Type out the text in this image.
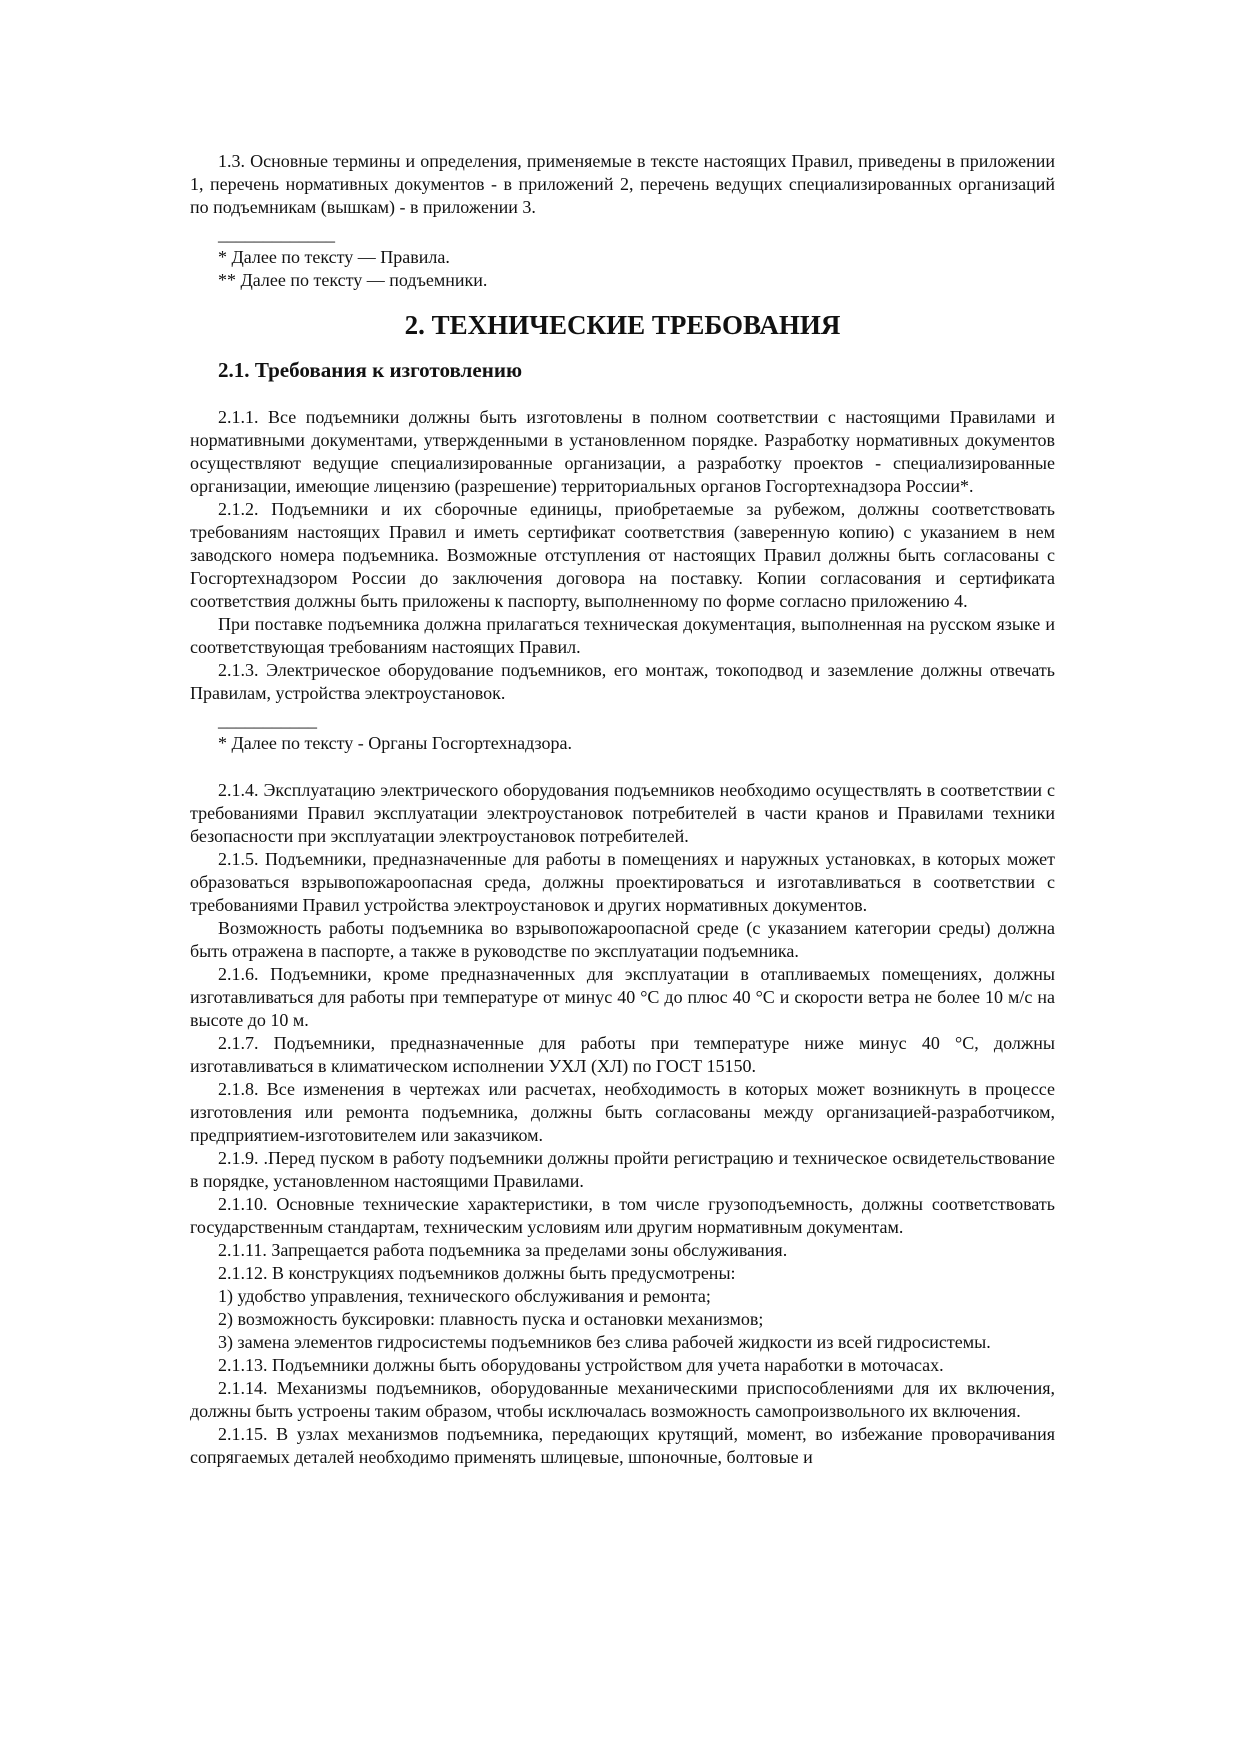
1.3. Основные термины и определения, применяемые в тексте настоящих Правил, приведены в приложении 1, перечень нормативных документов - в приложений 2, перечень ведущих специализированных организаций по подъемникам (вышкам) - в приложении 3.

_____________

* Далее по тексту — Правила.

** Далее по тексту — подъемники.

2. ТЕХНИЧЕСКИЕ ТРЕБОВАНИЯ
2.1. Требования к изготовлению

2.1.1. Все подъемники должны быть изготовлены в полном соответствии с настоящими Правилами и нормативными документами, утвержденными в установленном порядке. Разработку нормативных документов осуществляют ведущие специализированные организации, а разработку проектов - специализированные организации, имеющие лицензию (разрешение) территориальных органов Госгортехнадзора России*.

2.1.2. Подъемники и их сборочные единицы, приобретаемые за рубежом, должны соответствовать требованиям настоящих Правил и иметь сертификат соответствия (заверенную копию) с указанием в нем заводского номера подъемника. Возможные отступления от настоящих Правил должны быть согласованы с Госгортехнадзором России до заключения договора на поставку. Копии согласования и сертификата соответствия должны быть приложены к паспорту, выполненному по форме согласно приложению 4.

При поставке подъемника должна прилагаться техническая документация, выполненная на русском языке и соответствующая требованиям настоящих Правил.

2.1.3. Электрическое оборудование подъемников, его монтаж, токоподвод и заземление должны отвечать Правилам, устройства электроустановок.

___________

* Далее по тексту - Органы Госгортехнадзора.

2.1.4. Эксплуатацию электрического оборудования подъемников необходимо осуществлять в соответствии с требованиями Правил эксплуатации электроустановок потребителей в части кранов и Правилами техники безопасности при эксплуатации электроустановок потребителей.

2.1.5. Подъемники, предназначенные для работы в помещениях и наружных установках, в которых может образоваться взрывопожароопасная среда, должны проектироваться и изготавливаться в соответствии с требованиями Правил устройства электроустановок и других нормативных документов.

Возможность работы подъемника во взрывопожароопасной среде (с указанием категории среды) должна быть отражена в паспорте, а также в руководстве по эксплуатации подъемника.

2.1.6. Подъемники, кроме предназначенных для эксплуатации в отапливаемых помещениях, должны изготавливаться для работы при температуре от минус 40 °С до плюс 40 °С и скорости ветра не более 10 м/с на высоте до 10 м.

2.1.7. Подъемники, предназначенные для работы при температуре ниже минус 40 °С, должны изготавливаться в климатическом исполнении УХЛ (ХЛ) по ГОСТ 15150.

2.1.8. Все изменения в чертежах или расчетах, необходимость в которых может возникнуть в процессе изготовления или ремонта подъемника, должны быть согласованы между организацией-разработчиком, предприятием-изготовителем или заказчиком.

2.1.9. .Перед пуском в работу подъемники должны пройти регистрацию и техническое освидетельствование в порядке, установленном настоящими Правилами.

2.1.10. Основные технические характеристики, в том числе грузоподъемность, должны соответствовать государственным стандартам, техническим условиям или другим нормативным документам.

2.1.11. Запрещается работа подъемника за пределами зоны обслуживания.

2.1.12. В конструкциях подъемников должны быть предусмотрены:

1) удобство управления, технического обслуживания и ремонта;

2) возможность буксировки: плавность пуска и остановки механизмов;

3) замена элементов гидросистемы подъемников без слива рабочей жидкости из всей гидросистемы.

2.1.13. Подъемники должны быть оборудованы устройством для учета наработки в моточасах.

2.1.14. Механизмы подъемников, оборудованные механическими приспособлениями для их включения, должны быть устроены таким образом, чтобы исключалась возможность самопроизвольного их включения.

2.1.15. В узлах механизмов подъемника, передающих крутящий, момент, во избежание проворачивания сопрягаемых деталей необходимо применять шлицевые, шпоночные, болтовые и
